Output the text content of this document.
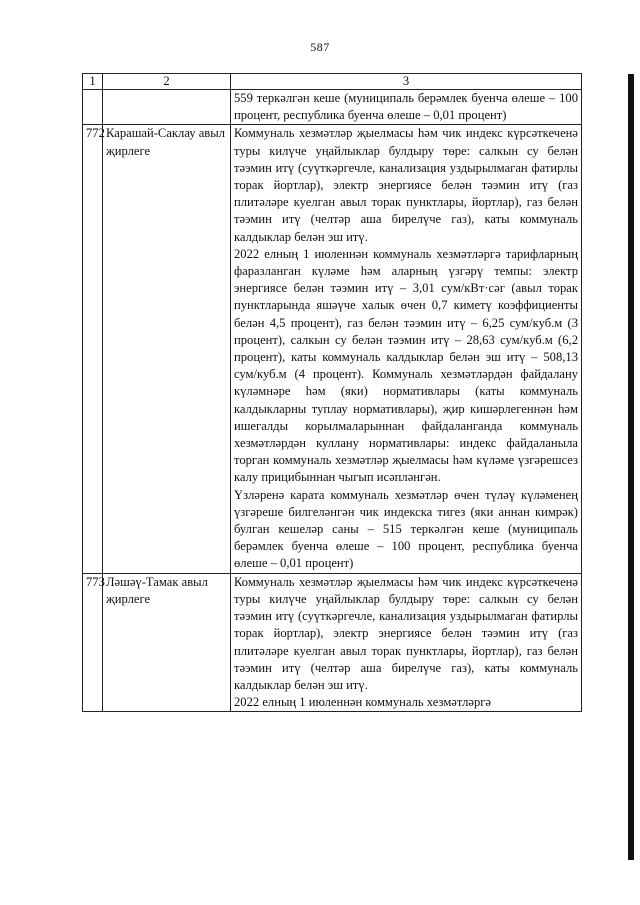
587
1	2	3

		559 теркәлгән кеше (муниципаль берәмлек буенча өлеше – 100 процент, республика буенча өлеше – 0,01 процент)

772	Карашай-Саклау авыл җирлеге	Коммуналь хезмәтләр җыелмасы һәм чик индекс күрсәткеченә туры килүче уңайлыклар булдыру төре: салкын су белән тәэмин итү (суүткәргечле, канализация уздырылмаган фатирлы торак йортлар), электр энергиясе белән тәэмин итү (газ плитәләре куелган авыл торак пунктлары, йортлар), газ белән тәэмин итү (челтәр аша бирелүче газ), каты коммуналь калдыклар белән эш итү.

2022 елның 1 июленнән коммуналь хезмәтләргә тарифларның фаразланган күләме һәм аларның үзгәрү темпы: электр энергиясе белән тәэмин итү – 3,01 сум/кВт·сәг (авыл торак пунктларында яшәүче халык өчен 0,7 киметү коэффициенты белән 4,5 процент), газ белән тәэмин итү – 6,25 сум/куб.м (3 процент), салкын су белән тәэмин итү – 28,63 сум/куб.м (6,2 процент), каты коммуналь калдыклар белән эш итү – 508,13 сум/куб.м (4 процент). Коммуналь хезмәтләрдән файдалану күләмнәре һәм (яки) нормативлары (каты коммуналь калдыкларны туплау нормативлары), җир кишәрлегеннән һәм ишегалды корылмаларыннан файдаланганда коммуналь хезмәтләрдән куллану нормативлары: индекс файдаланыла торган коммуналь хезмәтләр җыелмасы һәм күләме үзгәрешсез калу прицибыннан чыгып исәпләнгән.

Үзләренә карата коммуналь хезмәтләр өчен түләү күләменең үзгәреше билгеләнгән чик индекска тигез (яки аннан кимрәк) булган кешеләр саны – 515 теркәлгән кеше (муниципаль берәмлек буенча өлеше – 100 процент, республика буенча өлеше – 0,01 процент)

773	Ләшәү-Тамак авыл җирлеге	Коммуналь хезмәтләр җыелмасы һәм чик индекс күрсәткеченә туры килүче уңайлыклар булдыру төре: салкын су белән тәэмин итү (суүткәргечле, канализация уздырылмаган фатирлы торак йортлар), электр энергиясе белән тәэмин итү (газ плитәләре куелган авыл торак пунктлары, йортлар), газ белән тәэмин итү (челтәр аша бирелүче газ), каты коммуналь калдыклар белән эш итү.

2022 елның 1 июленнән коммуналь хезмәтләргә
